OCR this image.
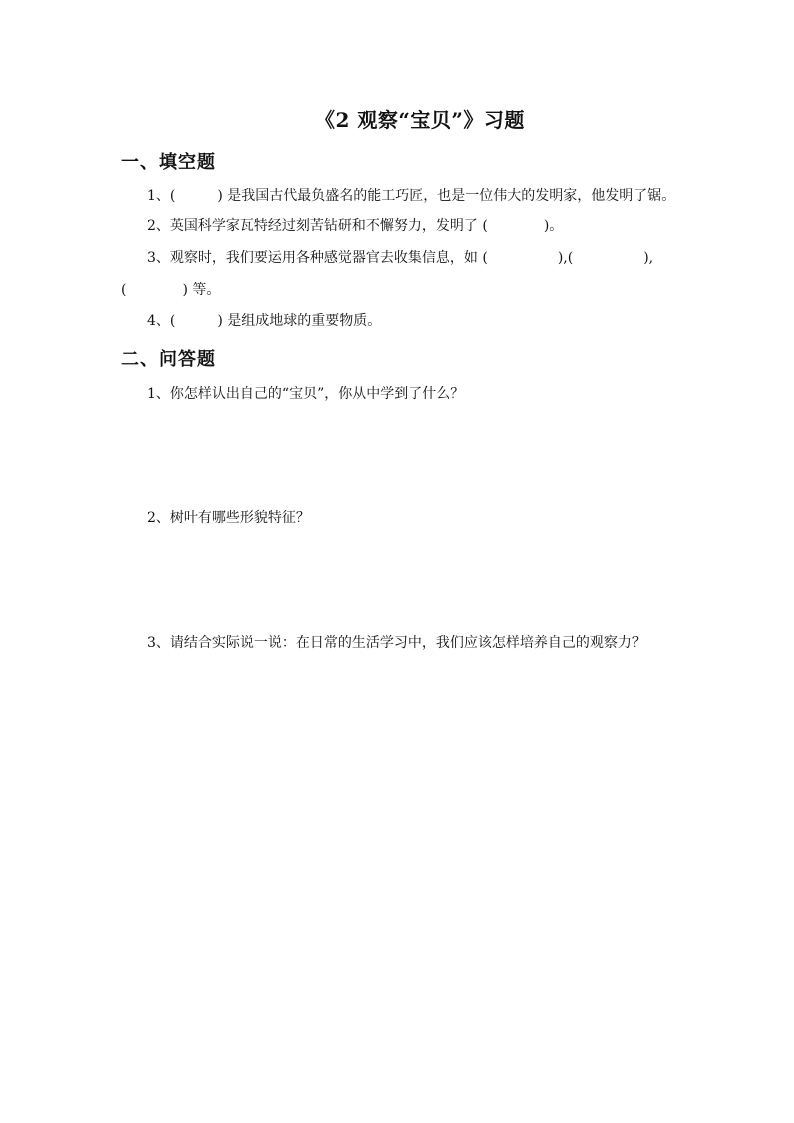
《2 观察“宝贝”》习题
一、填空题
1、(　　　) 是我国古代最负盛名的能工巧匠，也是一位伟大的发明家，他发明了锯。
2、英国科学家瓦特经过刻苦钻研和不懈努力，发明了 (　　　　)。
3、观察时，我们要运用各种感觉器官去收集信息，如 (　　　　　),(　　　　　),
(　　　　) 等。
4、(　　　) 是组成地球的重要物质。
二、问答题
1、你怎样认出自己的“宝贝”，你从中学到了什么？
2、树叶有哪些形貌特征？
3、请结合实际说一说：在日常的生活学习中，我们应该怎样培养自己的观察力？
